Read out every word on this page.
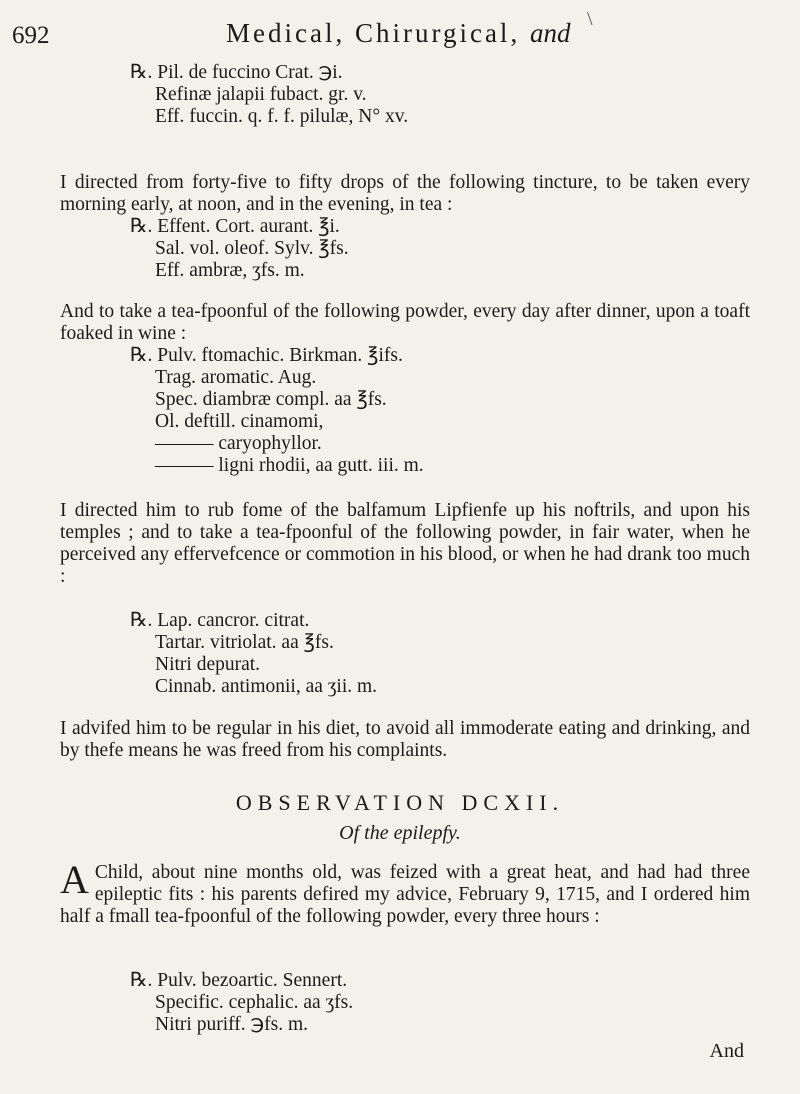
\
692	Medical, Chirurgical, and

℞. Pil. de fuccino Crat. ℈i.

Refinæ jalapii fubact. gr. v.

Eff. fuccin. q. f. f. pilulæ, N° xv.

I directed from forty-five to fifty drops of the following tincture, to be taken every morning early, at noon, and in the evening, in tea :

℞. Effent. Cort. aurant. ℥i.

Sal. vol. oleof. Sylv. ℥fs.

Eff. ambræ, ʒfs. m.

And to take a tea-fpoonful of the following powder, every day after dinner, upon a toaft foaked in wine :

℞. Pulv. ftomachic. Birkman. ℥ifs.

Trag. aromatic. Aug.

Spec. diambræ compl. aa ℥fs.

Ol. deftill. cinamomi,

——— caryophyllor.

——— ligni rhodii, aa gutt. iii. m.

I directed him to rub fome of the balfamum Lipfienfe up his noftrils, and upon his temples ; and to take a tea-fpoonful of the following powder, in fair water, when he perceived any effervefcence or commotion in his blood, or when he had drank too much :

℞. Lap. cancror. citrat.

Tartar. vitriolat. aa ℥fs.

Nitri depurat.

Cinnab. antimonii, aa ʒii. m.

I advifed him to be regular in his diet, to avoid all immoderate eating and drinking, and by thefe means he was freed from his complaints.

OBSERVATION DCXII.
Of the epilepfy.
A Child, about nine months old, was feized with a great heat, and had had three epileptic fits : his parents defired my advice, February 9, 1715, and I ordered him half a fmall tea-fpoonful of the following powder, every three hours :

℞. Pulv. bezoartic. Sennert.

Specific. cephalic. aa ʒfs.

Nitri puriff. ℈fs. m.

And
